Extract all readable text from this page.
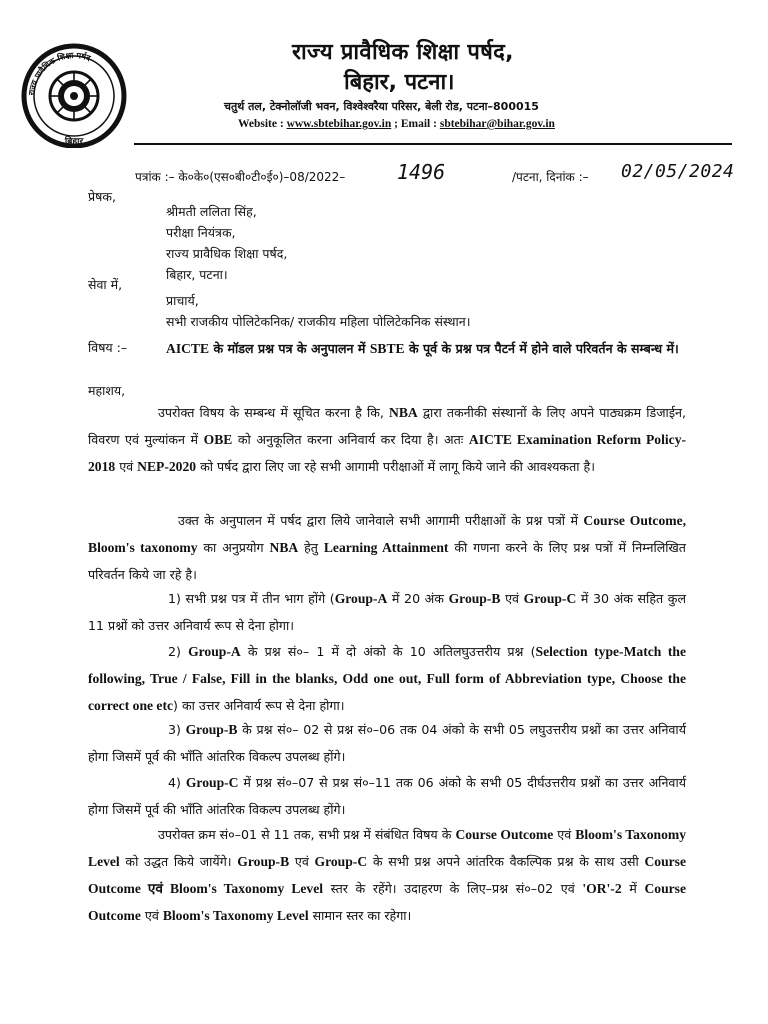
राज्य प्रावैधिक शिक्षा पर्षद
बिहार
राज्य प्रावैधिक शिक्षा पर्षद,
बिहार, पटना।
चतुर्थ तल, टेक्नोलॉजी भवन, विश्वेश्वरैया परिसर, बेली रोड, पटना–800015
Website : www.sbtebihar.gov.in ; Email : sbtebihar@bihar.gov.in
पत्रांक :– के०के०(एस०बी०टी०ई०)–08/2022–	1496	/पटना, दिनांक :– 02/05/2024
प्रेषक,
श्रीमती ललिता सिंह,
परीक्षा नियंत्रक,
राज्य प्रावैधिक शिक्षा पर्षद,
बिहार, पटना।
सेवा में,
प्राचार्य,
सभी राजकीय पोलिटेकनिक/ राजकीय महिला पोलिटेकनिक संस्थान।
विषय :–	AICTE के मॉडल प्रश्न पत्र के अनुपालन में SBTE के पूर्व के प्रश्न पत्र पैटर्न में होने वाले परिवर्तन के सम्बन्ध में।
महाशय,

उपरोक्त विषय के सम्बन्ध में सूचित करना है कि, NBA द्वारा तकनीकी संस्थानों के लिए अपने पाठ्यक्रम डिजाईन, विवरण एवं मुल्यांकन में OBE को अनुकूलित करना अनिवार्य कर दिया है। अतः AICTE Examination Reform Policy-2018 एवं NEP-2020 को पर्षद द्वारा लिए जा रहे सभी आगामी परीक्षाओं में लागू किये जाने की आवश्यकता है।

उक्त के अनुपालन में पर्षद द्वारा लिये जानेवाले सभी आगामी परीक्षाओं के प्रश्न पत्रों में Course Outcome, Bloom's taxonomy का अनुप्रयोग NBA हेतु Learning Attainment की गणना करने के लिए प्रश्न पत्रों में निम्नलिखित परिवर्तन किये जा रहे है।

1) सभी प्रश्न पत्र में तीन भाग होंगे (Group-A में 20 अंक Group-B एवं Group-C में 30 अंक सहित कुल 11 प्रश्नों को उत्तर अनिवार्य रूप से देना होगा।

2) Group-A के प्रश्न सं०– 1 में दो अंको के 10 अतिलघुउत्तरीय प्रश्न (Selection type-Match the following, True / False, Fill in the blanks, Odd one out, Full form of Abbreviation type, Choose the correct one etc) का उत्तर अनिवार्य रूप से देना होगा।

3) Group-B के प्रश्न सं०– 02 से प्रश्न सं०–06 तक 04 अंको के सभी 05 लघुउत्तरीय प्रश्नों का उत्तर अनिवार्य होगा जिसमें पूर्व की भाँति आंतरिक विकल्प उपलब्ध होंगे।

4) Group-C में प्रश्न सं०–07 से प्रश्न सं०–11 तक 06 अंको के सभी 05 दीर्घउत्तरीय प्रश्नों का उत्तर अनिवार्य होगा जिसमें पूर्व की भाँति आंतरिक विकल्प उपलब्ध होंगे।

उपरोक्त क्रम सं०–01 से 11 तक, सभी प्रश्न में संबंधित विषय के Course Outcome एवं Bloom's Taxonomy Level को उद्धत किये जायेंगे। Group-B एवं Group-C के सभी प्रश्न अपने आंतरिक वैकल्पिक प्रश्न के साथ उसी Course Outcome एवं Bloom's Taxonomy Level स्तर के रहेंगे। उदाहरण के लिए–प्रश्न सं०–02 एवं 'OR'-2 में Course Outcome एवं Bloom's Taxonomy Level सामान स्तर का रहेगा।
